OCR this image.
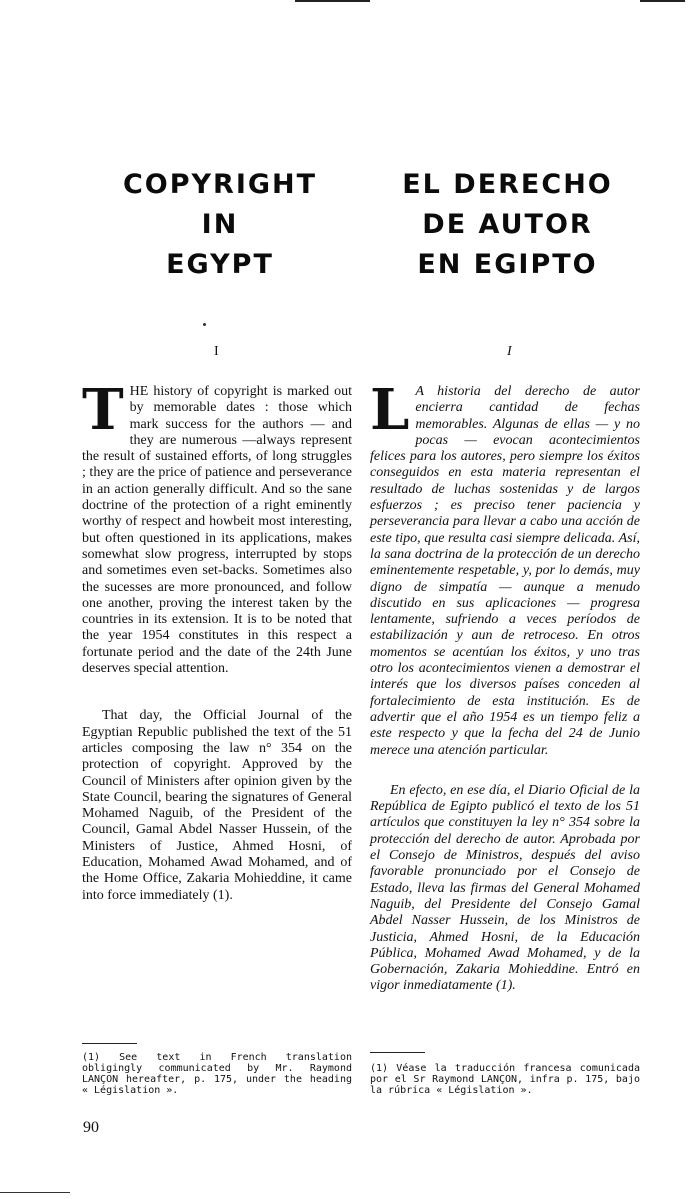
COPYRIGHT
IN
EGYPT
EL DERECHO
DE AUTOR
EN EGIPTO
I	I

THE history of copyright is marked out by memorable dates : those which mark success for the authors — and they are numerous —always represent the result of sustained efforts, of long struggles ; they are the price of patience and perseverance in an action generally difficult. And so the sane doctrine of the protection of a right eminently worthy of respect and howbeit most interesting, but often questioned in its applications, makes somewhat slow progress, interrupted by stops and sometimes even set-backs. Sometimes also the sucesses are more pronounced, and follow one another, proving the interest taken by the countries in its extension. It is to be noted that the year 1954 constitutes in this respect a fortunate period and the date of the 24th June deserves special attention.

That day, the Official Journal of the Egyptian Republic published the text of the 51 articles composing the law n° 354 on the protection of copyright. Approved by the Council of Ministers after opinion given by the State Council, bearing the signatures of General Mohamed Naguib, of the President of the Council, Gamal Abdel Nasser Hussein, of the Ministers of Justice, Ahmed Hosni, of Education, Mohamed Awad Mohamed, and of the Home Office, Zakaria Mohieddine, it came into force immediately (1).

LA historia del derecho de autor encierra cantidad de fechas memorables. Algunas de ellas — y no pocas — evocan acontecimientos felices para los autores, pero siempre los éxitos conseguidos en esta materia representan el resultado de luchas sostenidas y de largos esfuerzos ; es preciso tener paciencia y perseverancia para llevar a cabo una acción de este tipo, que resulta casi siempre delicada. Así, la sana doctrina de la protección de un derecho eminentemente respetable, y, por lo demás, muy digno de simpatía — aunque a menudo discutido en sus aplicaciones — progresa lentamente, sufriendo a veces períodos de estabilización y aun de retroceso. En otros momentos se acentúan los éxitos, y uno tras otro los acontecimientos vienen a demostrar el interés que los diversos países conceden al fortalecimiento de esta institución. Es de advertir que el año 1954 es un tiempo feliz a este respecto y que la fecha del 24 de Junio merece una atención particular.

En efecto, en ese día, el Diario Oficial de la República de Egipto publicó el texto de los 51 artículos que constituyen la ley n° 354 sobre la protección del derecho de autor. Aprobada por el Consejo de Ministros, después del aviso favorable pronunciado por el Consejo de Estado, lleva las firmas del General Mohamed Naguib, del Presidente del Consejo Gamal Abdel Nasser Hussein, de los Ministros de Justicia, Ahmed Hosni, de la Educación Pública, Mohamed Awad Mohamed, y de la Gobernación, Zakaria Mohieddine. Entró en vigor inmediatamente (1).

(1) See text in French translation obligingly communicated by Mr. Raymond LANÇON hereafter, p. 175, under the heading « Législation ».
(1) Véase la traducción francesa comunicada por el Sr Raymond LANÇON, infra p. 175, bajo la rúbrica « Législation ».
90
